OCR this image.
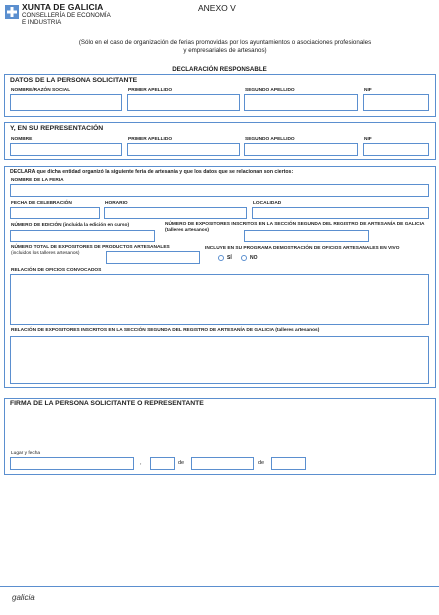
XUNTA DE GALICIA
CONSELLERÍA DE ECONOMÍA
E INDUSTRIA
ANEXO V
(Sólo en el caso de organización de ferias promovidas por los ayuntamientos o asociaciones profesionales
y empresariales de artesanos)
DECLARACIÓN RESPONSABLE
DATOS DE LA PERSONA SOLICITANTE
NOMBRE/RAZÓN SOCIAL	PRIMER APELLIDO	SEGUNDO APELLIDO	NIF
Y, EN SU REPRESENTACIÓN
NOMBRE	PRIMER APELLIDO	SEGUNDO APELLIDO	NIF
DECLARA que dicha entidad organizó la siguiente feria de artesanía y que los datos que se relacionan son ciertos:
NOMBRE DE LA FERIA
FECHA DE CELEBRACIÓN	HORARIO	LOCALIDAD
NÚMERO DE EDICIÓN (incluida la edición en curso)	NÚMERO DE EXPOSITORES INSCRITOS EN LA SECCIÓN SEGUNDA DEL REGISTRO DE ARTESANÍA DE GALICIA (talleres artesanos)
NÚMERO TOTAL DE EXPOSITORES DE PRODUCTOS ARTESANALES
(incluidos los talleres artesanos)
INCLUYE EN SU PROGRAMA DEMOSTRACIÓN DE OFICIOS ARTESANALES EN VIVO
SÍ	NO
RELACIÓN DE OFICIOS CONVOCADOS
RELACIÓN DE EXPOSITORES INSCRITOS EN LA SECCIÓN SEGUNDA DEL REGISTRO DE ARTESANÍA DE GALICIA (talleres artesanos)
FIRMA DE LA PERSONA SOLICITANTE O REPRESENTANTE
Lugar y fecha
,	de	de
galicia
